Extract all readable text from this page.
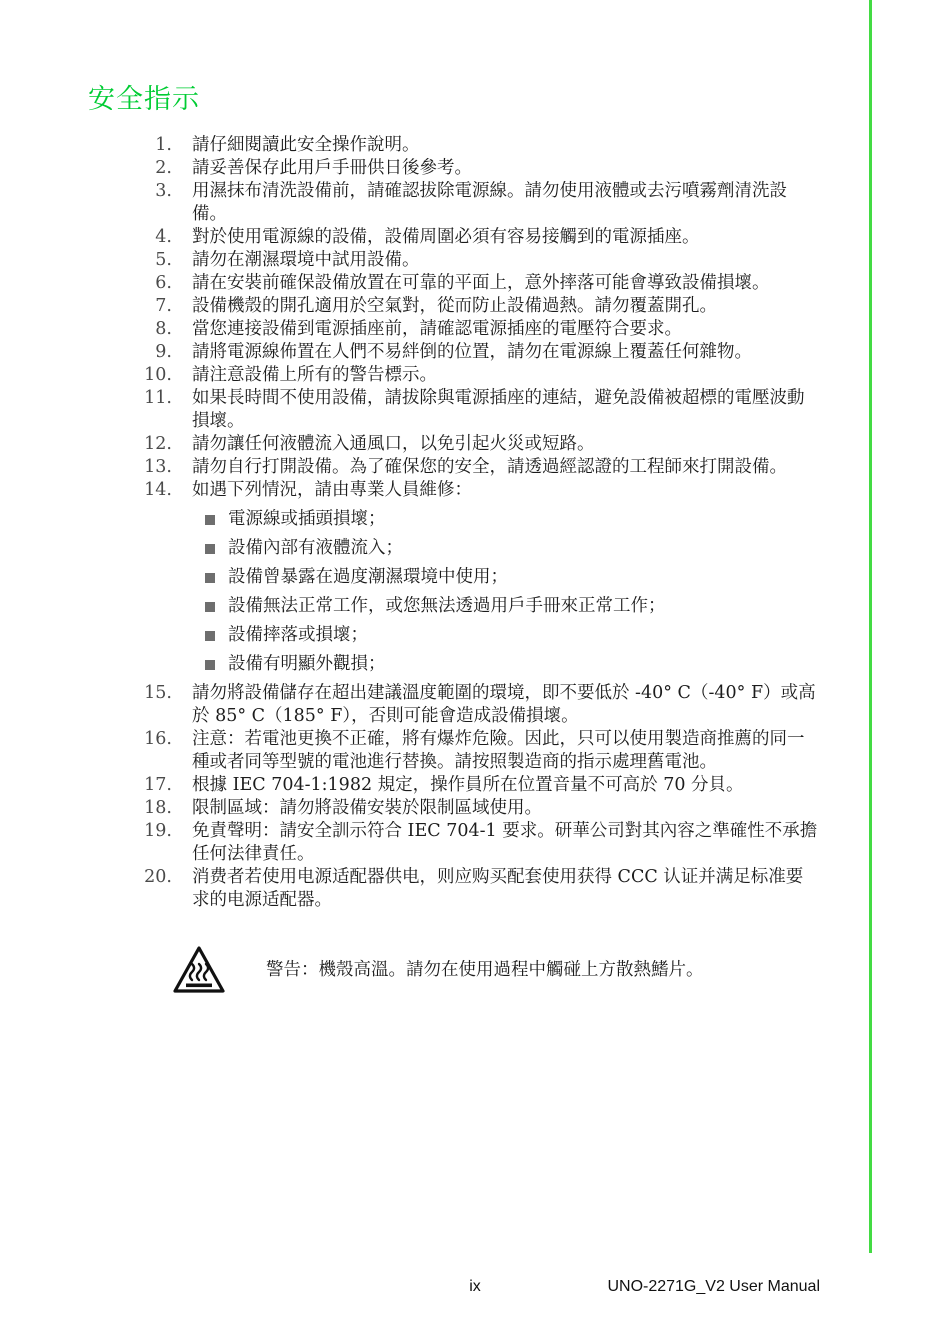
安全指示
1.	請仔細閱讀此安全操作說明。
2.	請妥善保存此用戶手冊供日後參考。
3.	用濕抹布清洗設備前，請確認拔除電源線。請勿使用液體或去污噴霧劑清洗設備。
4.	對於使用電源線的設備，設備周圍必須有容易接觸到的電源插座。
5.	請勿在潮濕環境中試用設備。
6.	請在安裝前確保設備放置在可靠的平面上，意外摔落可能會導致設備損壞。
7.	設備機殼的開孔適用於空氣對，從而防止設備過熱。請勿覆蓋開孔。
8.	當您連接設備到電源插座前，請確認電源插座的電壓符合要求。
9.	請將電源線佈置在人們不易絆倒的位置，請勿在電源線上覆蓋任何雜物。
10.	請注意設備上所有的警告標示。
11.	如果長時間不使用設備，請拔除與電源插座的連結，避免設備被超標的電壓波動損壞。
12.	請勿讓任何液體流入通風口，以免引起火災或短路。
13.	請勿自行打開設備。為了確保您的安全，請透過經認證的工程師來打開設備。
14.	如遇下列情況，請由專業人員維修：
電源線或插頭損壞；
設備內部有液體流入；
設備曾暴露在過度潮濕環境中使用；
設備無法正常工作，或您無法透過用戶手冊來正常工作；
設備摔落或損壞；
設備有明顯外觀損；
15.	請勿將設備儲存在超出建議溫度範圍的環境，即不要低於 -40° C（-40° F）或高於 85° C（185° F），否則可能會造成設備損壞。
16.	注意：若電池更換不正確，將有爆炸危險。因此，只可以使用製造商推薦的同一種或者同等型號的電池進行替換。請按照製造商的指示處理舊電池。
17.	根據 IEC 704-1:1982 規定，操作員所在位置音量不可高於 70 分貝。
18.	限制區域：請勿將設備安裝於限制區域使用。
19.	免責聲明：請安全訓示符合 IEC 704-1 要求。研華公司對其內容之準確性不承擔任何法律責任。
20.	消费者若使用电源适配器供电，则应购买配套使用获得 CCC 认证并满足标准要求的电源适配器。
警告：機殼高溫。請勿在使用過程中觸碰上方散熱鰭片。
ix	UNO-2271G_V2 User Manual
